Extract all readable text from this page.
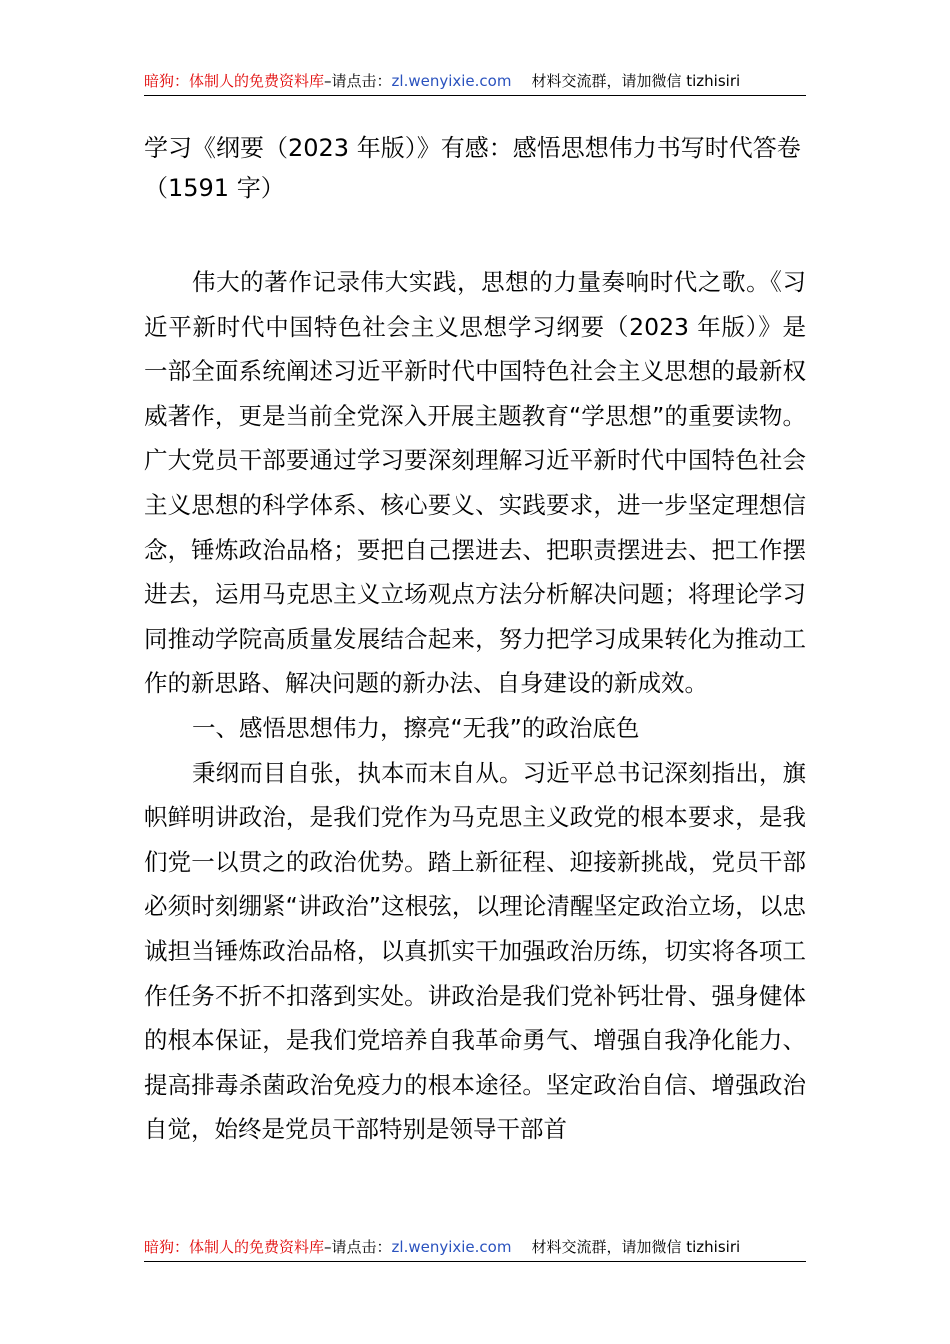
暗狗：体制人的免费资料库 –请点击： zl.wenyixie.com 材料交流群，请加微信 tizhisiri
学习《纲要（2023 年版）》有感：感悟思想伟力书写时代答卷（1591 字）

伟大的著作记录伟大实践，思想的力量奏响时代之歌。《习近平新时代中国特色社会主义思想学习纲要（2023 年版）》是一部全面系统阐述习近平新时代中国特色社会主义思想的最新权威著作，更是当前全党深入开展主题教育“学思想”的重要读物。广大党员干部要通过学习要深刻理解习近平新时代中国特色社会主义思想的科学体系、核心要义、实践要求，进一步坚定理想信念，锤炼政治品格；要把自己摆进去、把职责摆进去、把工作摆进去，运用马克思主义立场观点方法分析解决问题；将理论学习同推动学院高质量发展结合起来，努力把学习成果转化为推动工作的新思路、解决问题的新办法、自身建设的新成效。

一、感悟思想伟力，擦亮“无我”的政治底色

秉纲而目自张，执本而末自从。习近平总书记深刻指出，旗帜鲜明讲政治，是我们党作为马克思主义政党的根本要求，是我们党一以贯之的政治优势。踏上新征程、迎接新挑战，党员干部必须时刻绷紧“讲政治”这根弦，以理论清醒坚定政治立场，以忠诚担当锤炼政治品格，以真抓实干加强政治历练，切实将各项工作任务不折不扣落到实处。讲政治是我们党补钙壮骨、强身健体的根本保证，是我们党培养自我革命勇气、增强自我净化能力、提高排毒杀菌政治免疫力的根本途径。坚定政治自信、增强政治自觉，始终是党员干部特别是领导干部首

暗狗：体制人的免费资料库 –请点击： zl.wenyixie.com 材料交流群，请加微信 tizhisiri
